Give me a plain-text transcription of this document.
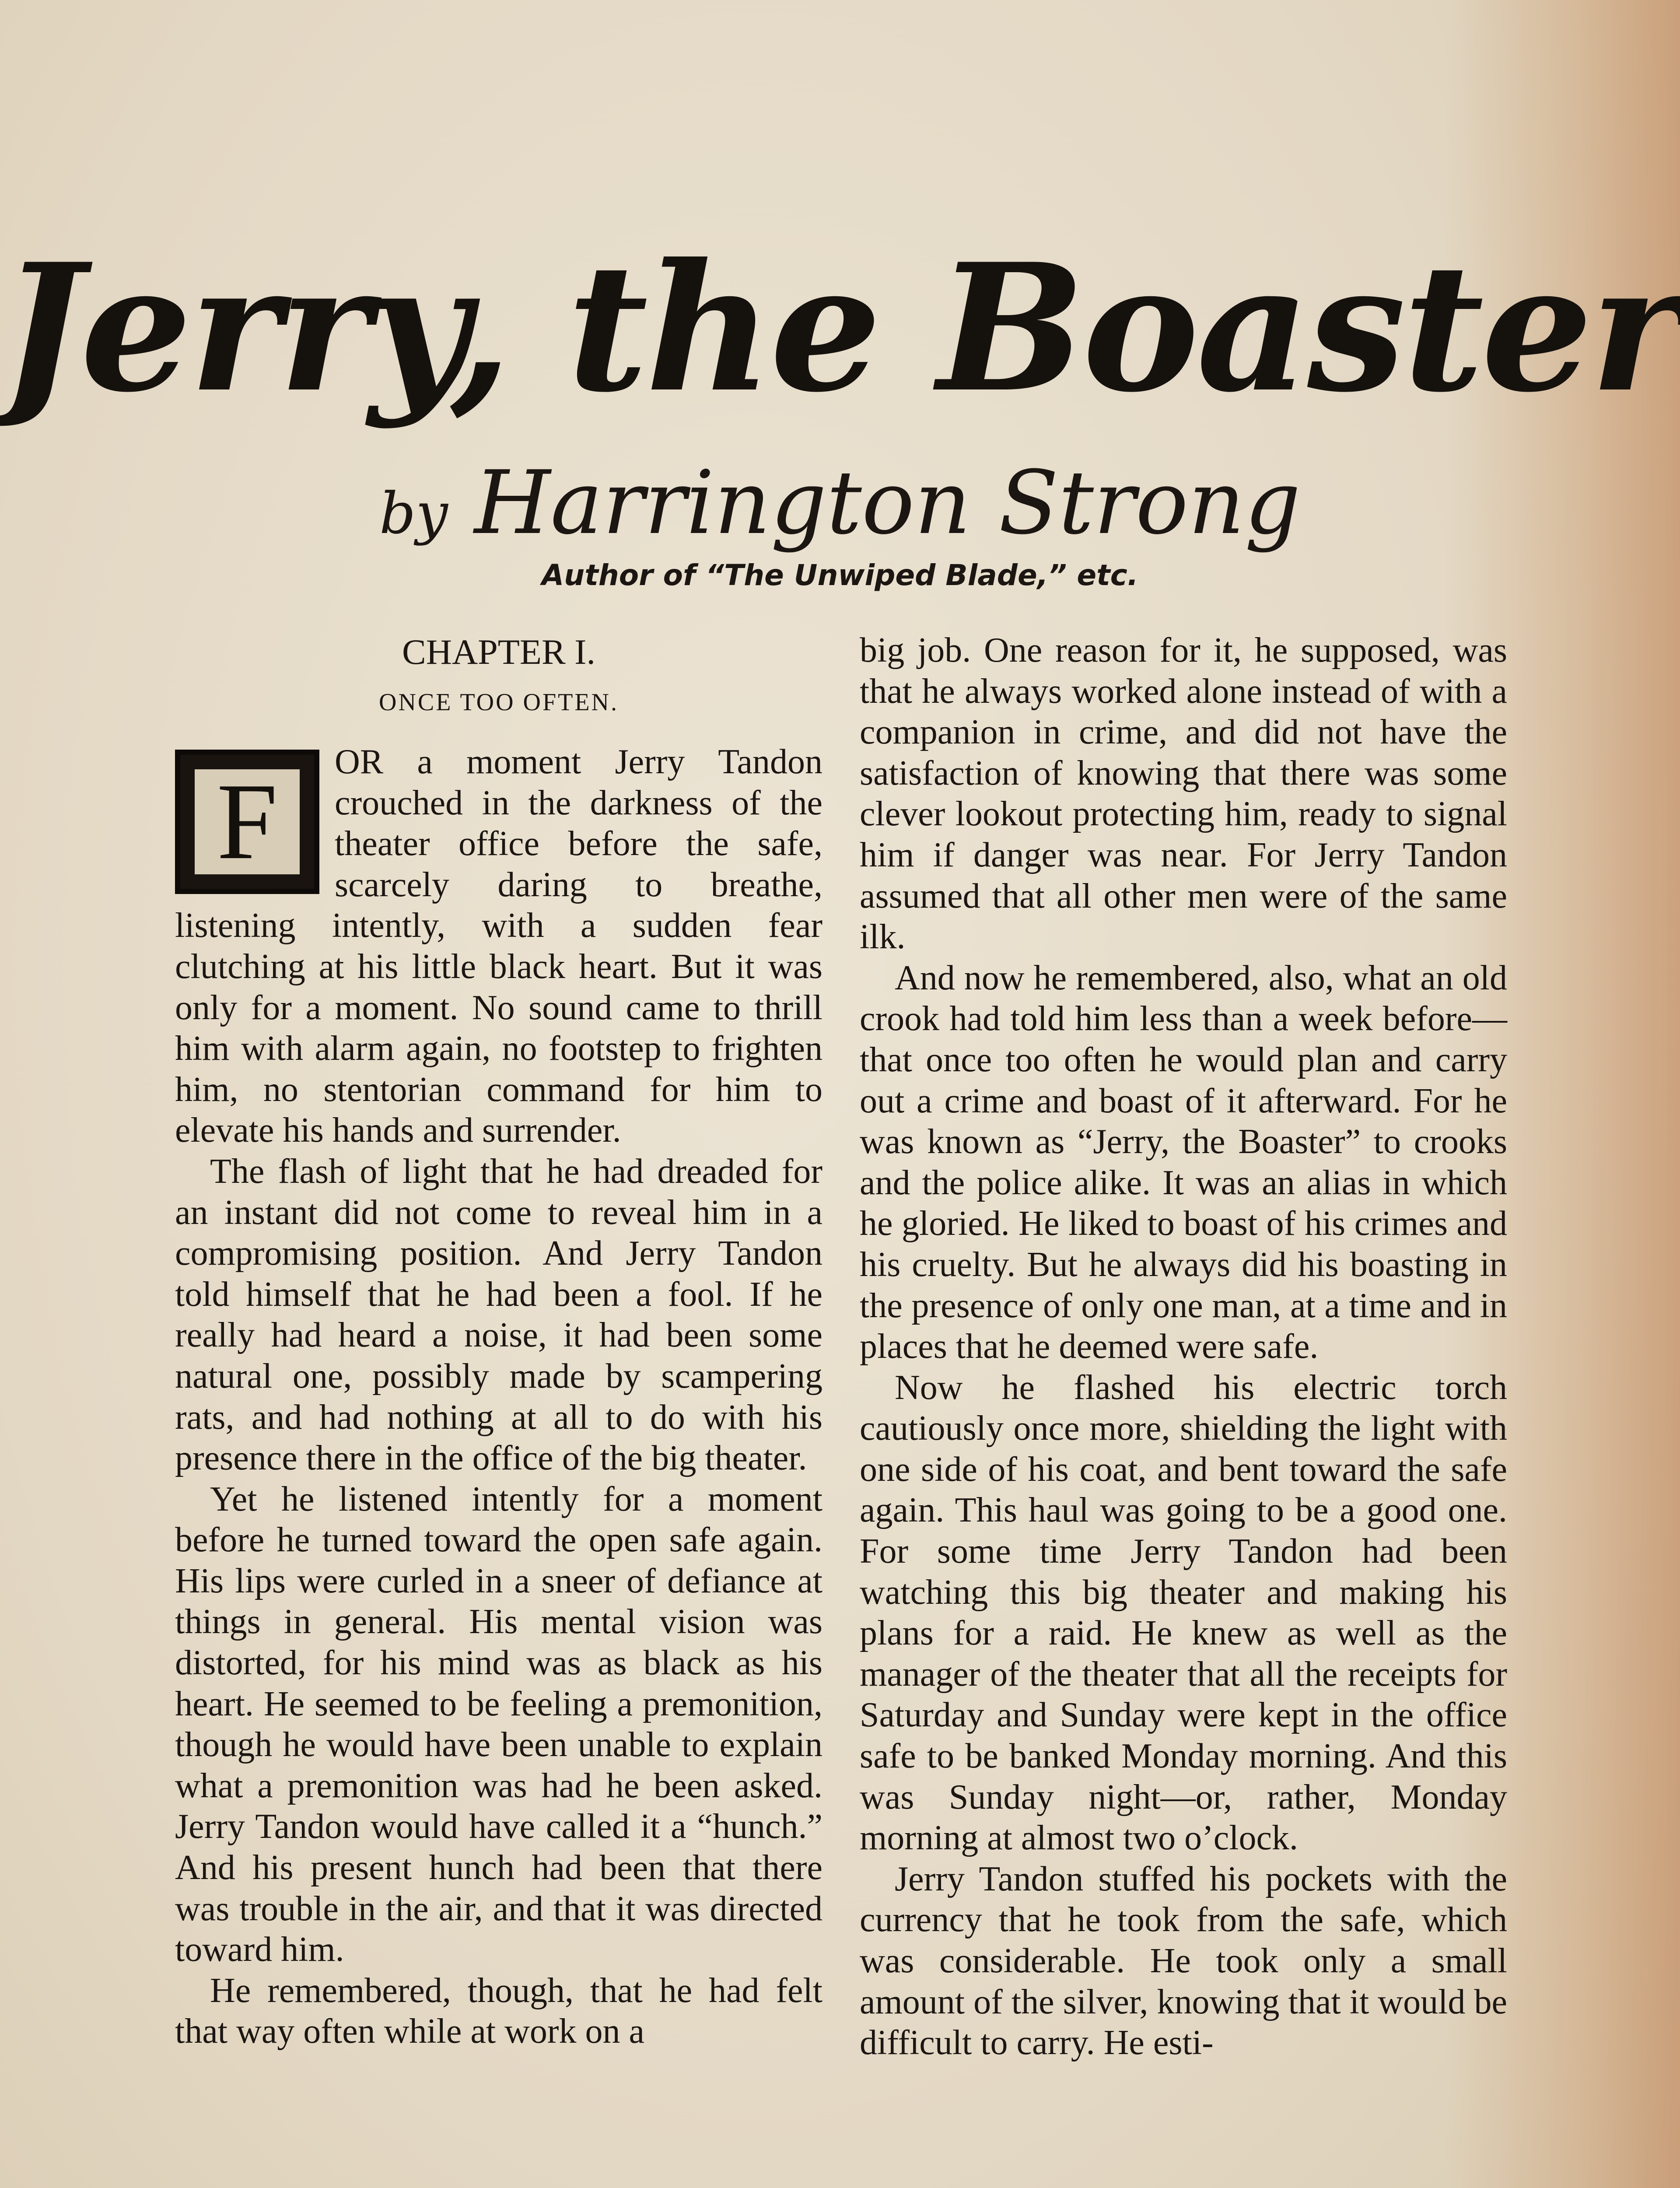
Jerry, the Boaster
by Harrington Strong
Author of “The Unwiped Blade,” etc.
CHAPTER I.
ONCE TOO OFTEN.
F	OR a moment Jerry Tandon crouched in the darkness of the theater office before the safe, scarcely daring to breathe, listening intently, with a sudden fear clutching at his little black heart. But it was only for a moment. No sound came to thrill him with alarm again, no footstep to frighten him, no stentorian command for him to elevate his hands and surrender.

The flash of light that he had dreaded for an instant did not come to reveal him in a compromising position. And Jerry Tandon told himself that he had been a fool. If he really had heard a noise, it had been some natural one, possibly made by scampering rats, and had nothing at all to do with his presence there in the office of the big theater.

Yet he listened intently for a moment before he turned toward the open safe again. His lips were curled in a sneer of defiance at things in general. His mental vision was distorted, for his mind was as black as his heart. He seemed to be feeling a premonition, though he would have been unable to explain what a premonition was had he been asked. Jerry Tandon would have called it a “hunch.” And his present hunch had been that there was trouble in the air, and that it was directed toward him.

He remembered, though, that he had felt that way often while at work on a

big job. One reason for it, he supposed, was that he always worked alone instead of with a companion in crime, and did not have the satisfaction of knowing that there was some clever lookout protecting him, ready to signal him if danger was near. For Jerry Tandon assumed that all other men were of the same ilk.

And now he remembered, also, what an old crook had told him less than a week before—that once too often he would plan and carry out a crime and boast of it afterward. For he was known as “Jerry, the Boaster” to crooks and the police alike. It was an alias in which he gloried. He liked to boast of his crimes and his cruelty. But he always did his boasting in the presence of only one man, at a time and in places that he deemed were safe.

Now he flashed his electric torch cautiously once more, shielding the light with one side of his coat, and bent toward the safe again. This haul was going to be a good one. For some time Jerry Tandon had been watching this big theater and making his plans for a raid. He knew as well as the manager of the theater that all the receipts for Saturday and Sunday were kept in the office safe to be banked Monday morning. And this was Sunday night—or, rather, Monday morning at almost two o’clock.

Jerry Tandon stuffed his pockets with the currency that he took from the safe, which was considerable. He took only a small amount of the silver, knowing that it would be difficult to carry. He esti-
